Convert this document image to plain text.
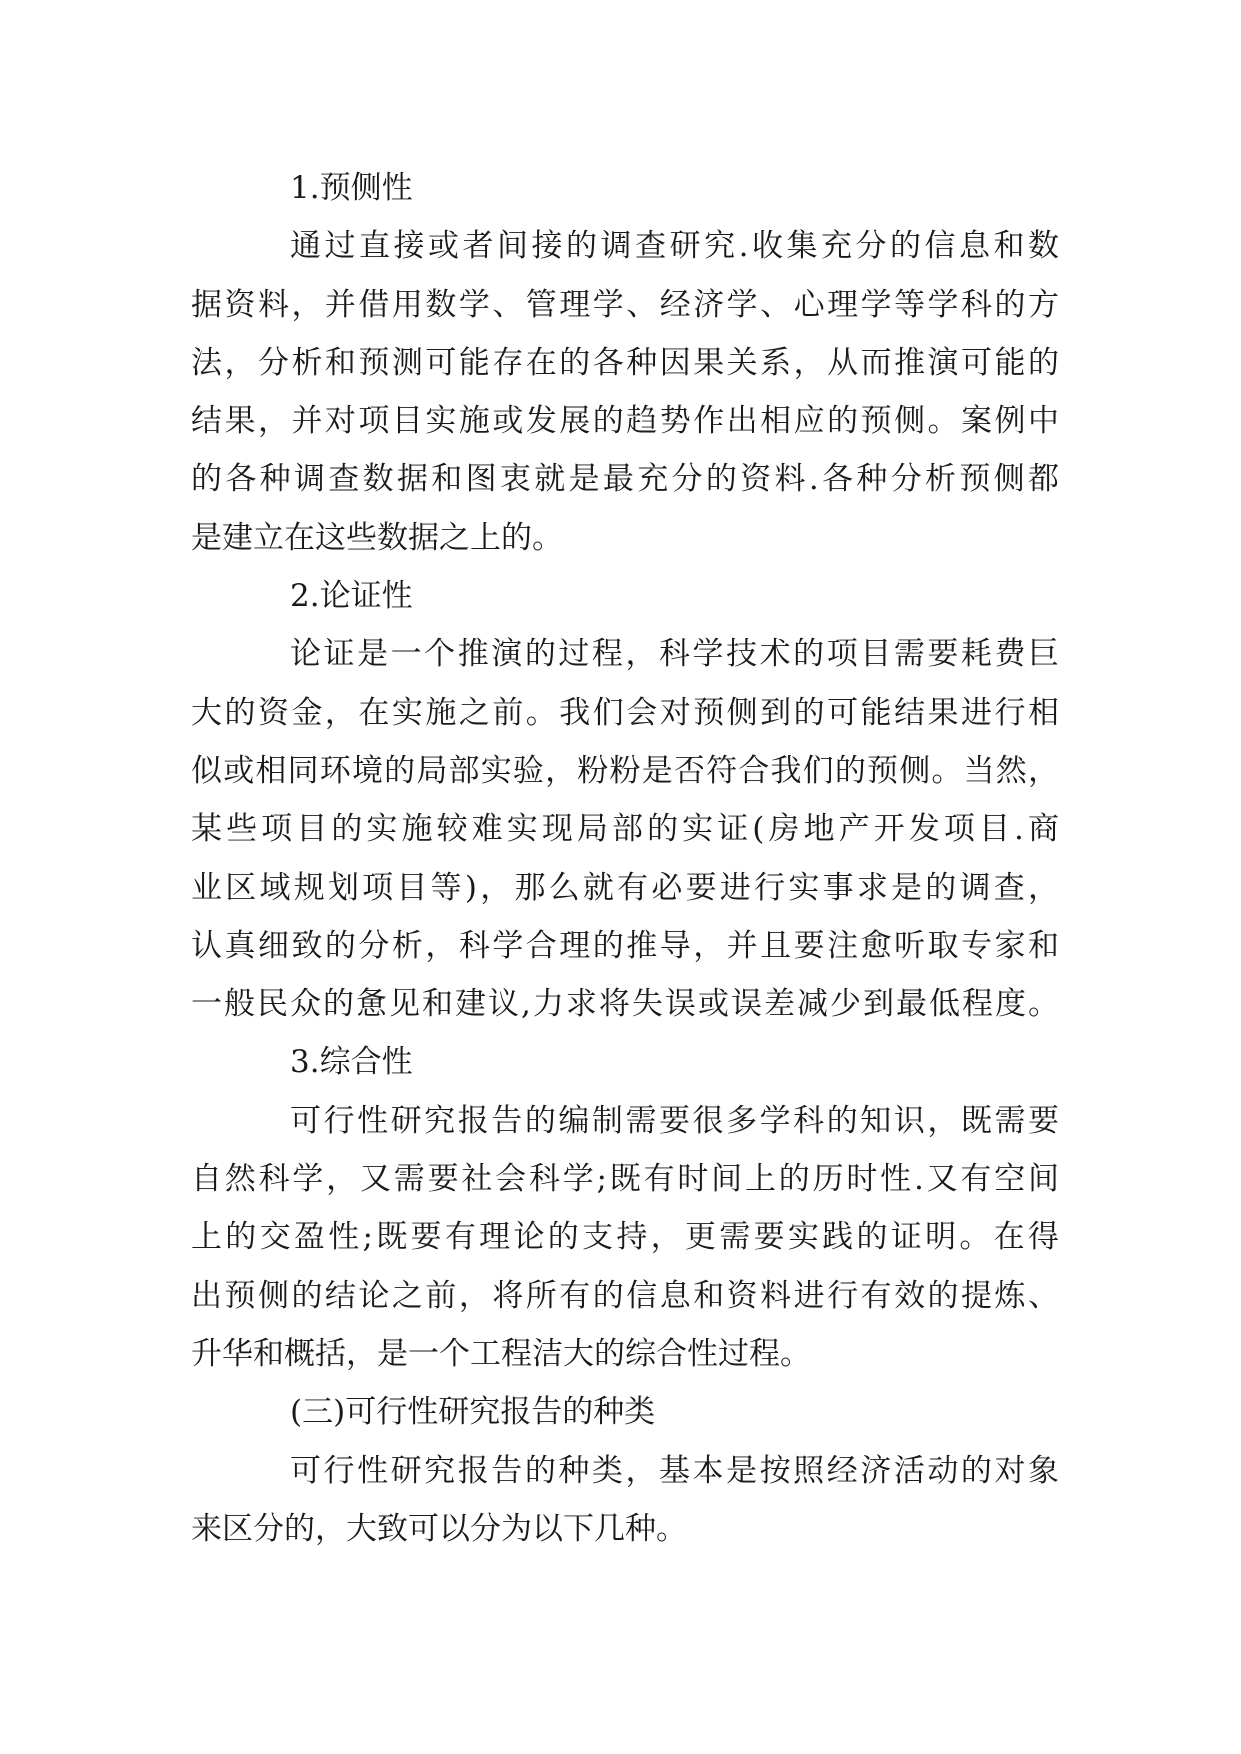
1.预侧性
通过直接或者间接的调查研究.收集充分的信息和数
据资料，并借用数学、管理学、经济学、心理学等学科的方
法，分析和预测可能存在的各种因果关系，从而推演可能的
结果，并对项目实施或发展的趋势作出相应的预侧。案例中
的各种调查数据和图衷就是最充分的资料.各种分析预侧都
是建立在这些数据之上的。
2.论证性
论证是一个推演的过程，科学技术的项目需要耗费巨
大的资金，在实施之前。我们会对预侧到的可能结果进行相
似或相同环境的局部实验，粉粉是否符合我们的预侧。当然，
某些项目的实施较难实现局部的实证(房地产开发项目.商
业区域规划项目等)，那么就有必要进行实事求是的调查，
认真细致的分析，科学合理的推导，并且要注愈听取专家和
一般民众的惫见和建议,力求将失误或误差减少到最低程度。
3.综合性
可行性研究报告的编制需要很多学科的知识，既需要
自然科学，又需要社会科学;既有时间上的历时性.又有空间
上的交盈性;既要有理论的支持，更需要实践的证明。在得
出预侧的结论之前，将所有的信息和资料进行有效的提炼、
升华和概括，是一个工程洁大的综合性过程。
(三)可行性研究报告的种类
可行性研究报告的种类，基本是按照经济活动的对象
来区分的，大致可以分为以下几种。
